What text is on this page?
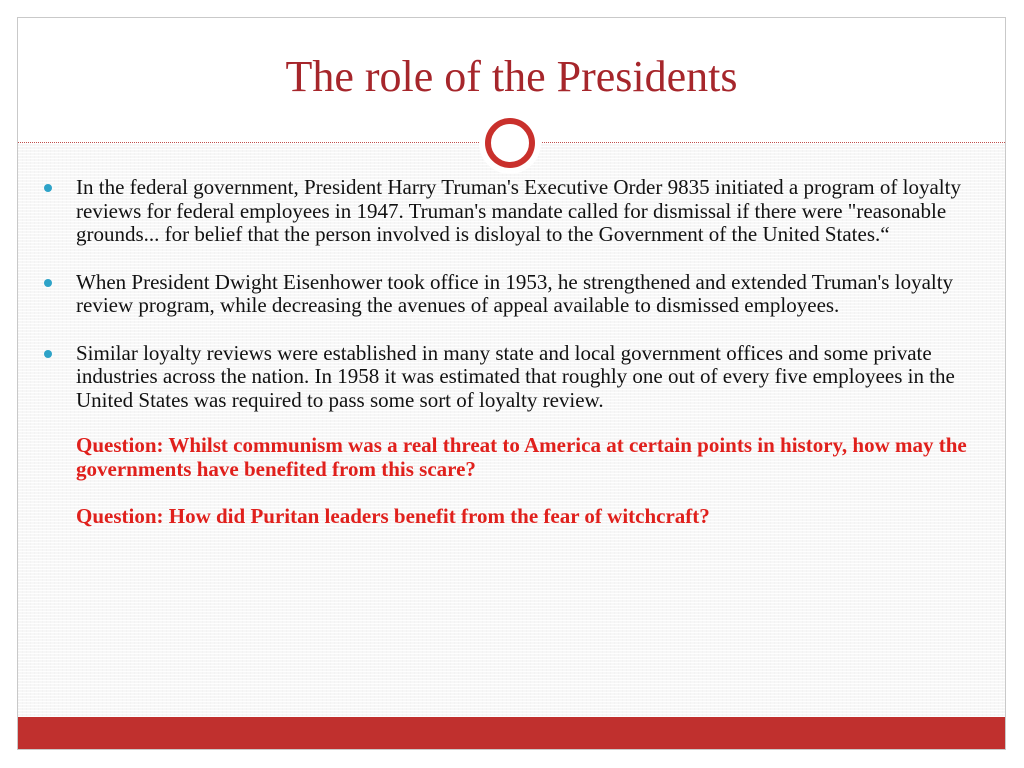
The role of the Presidents
In the federal government, President Harry Truman's Executive Order 9835 initiated a program of loyalty reviews for federal employees in 1947. Truman's mandate called for dismissal if there were "reasonable grounds... for belief that the person involved is disloyal to the Government of the United States.“
When President Dwight Eisenhower took office in 1953, he strengthened and extended Truman's loyalty review program, while decreasing the avenues of appeal available to dismissed employees.
Similar loyalty reviews were established in many state and local government offices and some private industries across the nation. In 1958 it was estimated that roughly one out of every five employees in the United States was required to pass some sort of loyalty review.
Question: Whilst communism was a real threat to America at certain points in history, how may the governments have benefited from this scare?
Question: How did Puritan leaders benefit from the fear of witchcraft?
